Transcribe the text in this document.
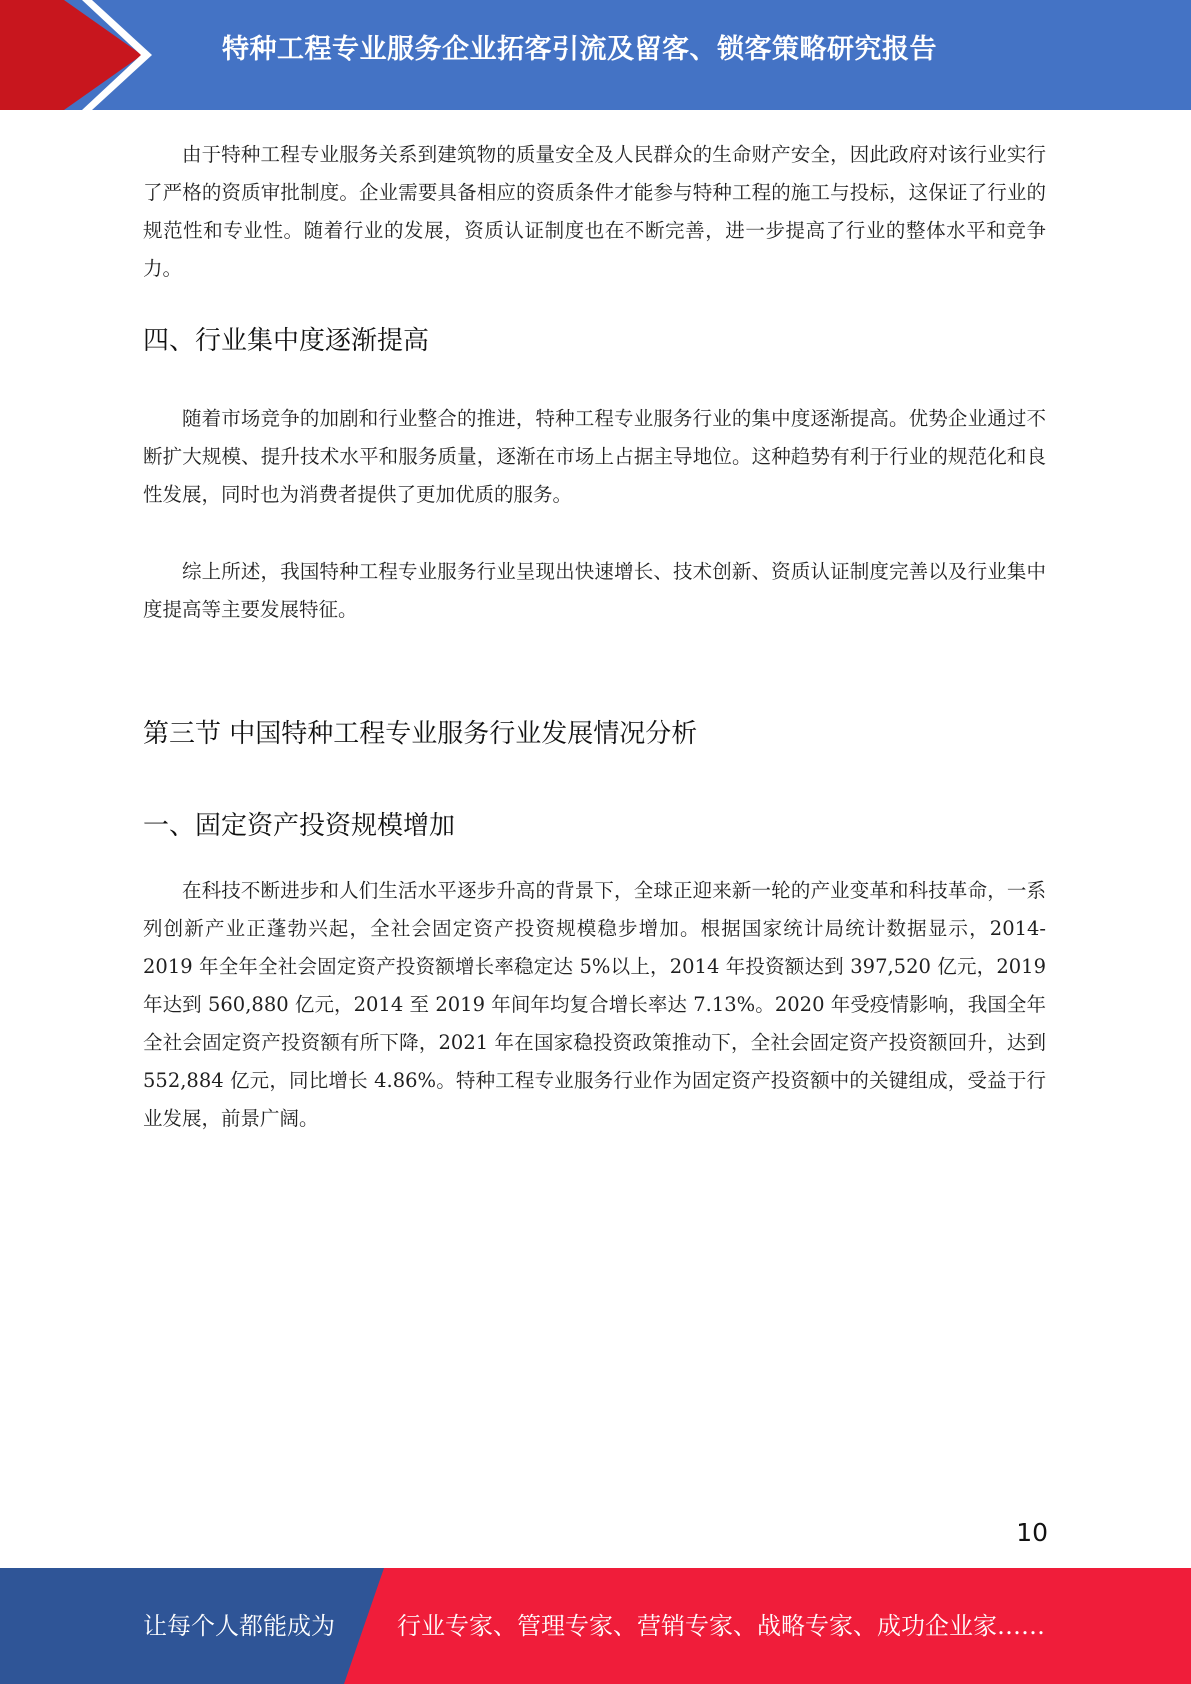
特种工程专业服务企业拓客引流及留客、锁客策略研究报告

由于特种工程专业服务关系到建筑物的质量安全及人民群众的生命财产安全，因此政府对该行业实行了严格的资质审批制度。企业需要具备相应的资质条件才能参与特种工程的施工与投标，这保证了行业的规范性和专业性。随着行业的发展，资质认证制度也在不断完善，进一步提高了行业的整体水平和竞争力。

四、行业集中度逐渐提高

随着市场竞争的加剧和行业整合的推进，特种工程专业服务行业的集中度逐渐提高。优势企业通过不断扩大规模、提升技术水平和服务质量，逐渐在市场上占据主导地位。这种趋势有利于行业的规范化和良性发展，同时也为消费者提供了更加优质的服务。

综上所述，我国特种工程专业服务行业呈现出快速增长、技术创新、资质认证制度完善以及行业集中度提高等主要发展特征。

第三节 中国特种工程专业服务行业发展情况分析
一、固定资产投资规模增加

在科技不断进步和人们生活水平逐步升高的背景下，全球正迎来新一轮的产业变革和科技革命，一系列创新产业正蓬勃兴起，全社会固定资产投资规模稳步增加。根据国家统计局统计数据显示，2014-2019 年全年全社会固定资产投资额增长率稳定达 5%以上，2014 年投资额达到 397,520 亿元，2019 年达到 560,880 亿元，2014 至 2019 年间年均复合增长率达 7.13%。2020 年受疫情影响，我国全年全社会固定资产投资额有所下降，2021 年在国家稳投资政策推动下，全社会固定资产投资额回升，达到 552,884 亿元，同比增长 4.86%。特种工程专业服务行业作为固定资产投资额中的关键组成，受益于行业发展，前景广阔。

10
让每个人都能成为	行业专家、管理专家、营销专家、战略专家、成功企业家……
